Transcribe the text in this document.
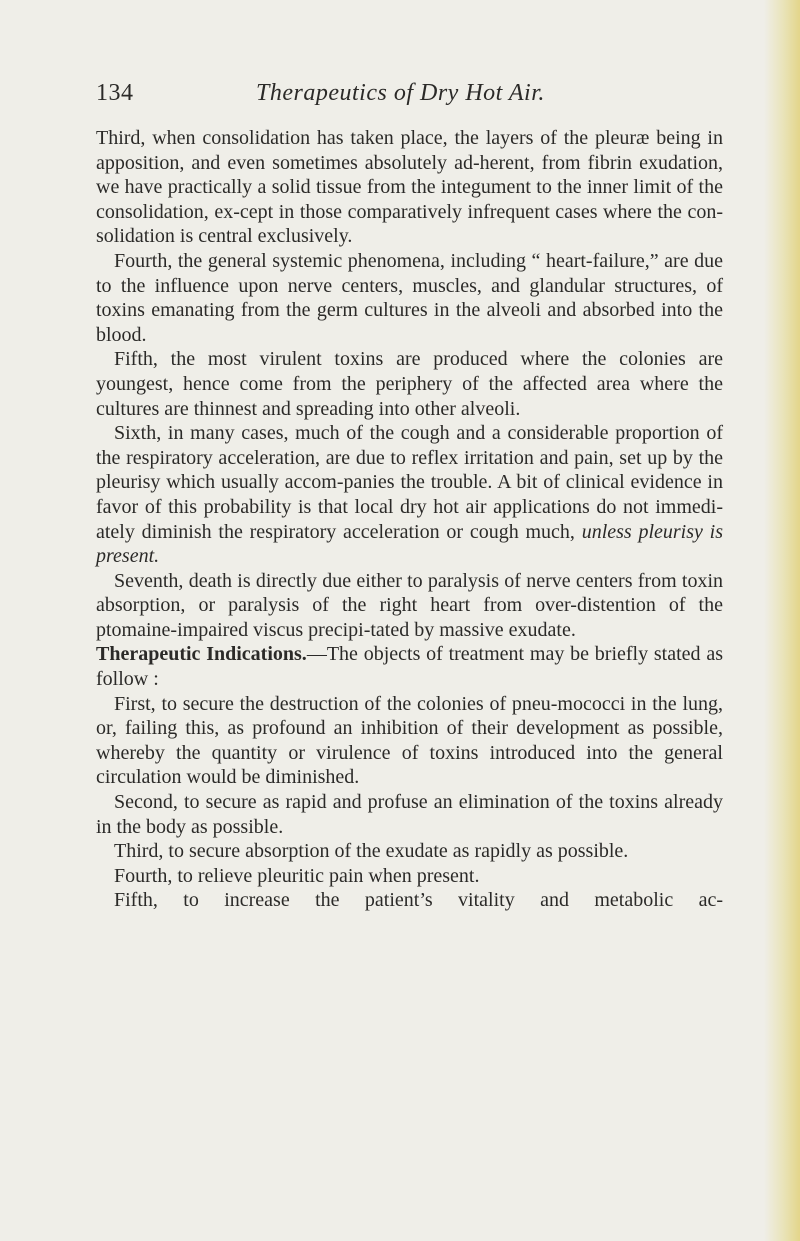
134	Therapeutics of Dry Hot Air.

Third, when consolidation has taken place, the layers of the pleuræ being in apposition, and even sometimes absolutely ad-herent, from fibrin exudation, we have practically a solid tissue from the integument to the inner limit of the consolidation, ex-cept in those comparatively infrequent cases where the con-solidation is central exclusively.

Fourth, the general systemic phenomena, including “ heart-failure,” are due to the influence upon nerve centers, muscles, and glandular structures, of toxins emanating from the germ cultures in the alveoli and absorbed into the blood.

Fifth, the most virulent toxins are produced where the colonies are youngest, hence come from the periphery of the affected area where the cultures are thinnest and spreading into other alveoli.

Sixth, in many cases, much of the cough and a considerable proportion of the respiratory acceleration, are due to reflex irritation and pain, set up by the pleurisy which usually accom-panies the trouble. A bit of clinical evidence in favor of this probability is that local dry hot air applications do not immedi-ately diminish the respiratory acceleration or cough much, unless pleurisy is present.

Seventh, death is directly due either to paralysis of nerve centers from toxin absorption, or paralysis of the right heart from over-distention of the ptomaine-impaired viscus precipi-tated by massive exudate.

Therapeutic Indications.—The objects of treatment may be briefly stated as follow :

First, to secure the destruction of the colonies of pneu-mococci in the lung, or, failing this, as profound an inhibition of their development as possible, whereby the quantity or virulence of toxins introduced into the general circulation would be diminished.

Second, to secure as rapid and profuse an elimination of the toxins already in the body as possible.

Third, to secure absorption of the exudate as rapidly as possible.

Fourth, to relieve pleuritic pain when present.

Fifth, to increase the patient’s vitality and metabolic ac-
